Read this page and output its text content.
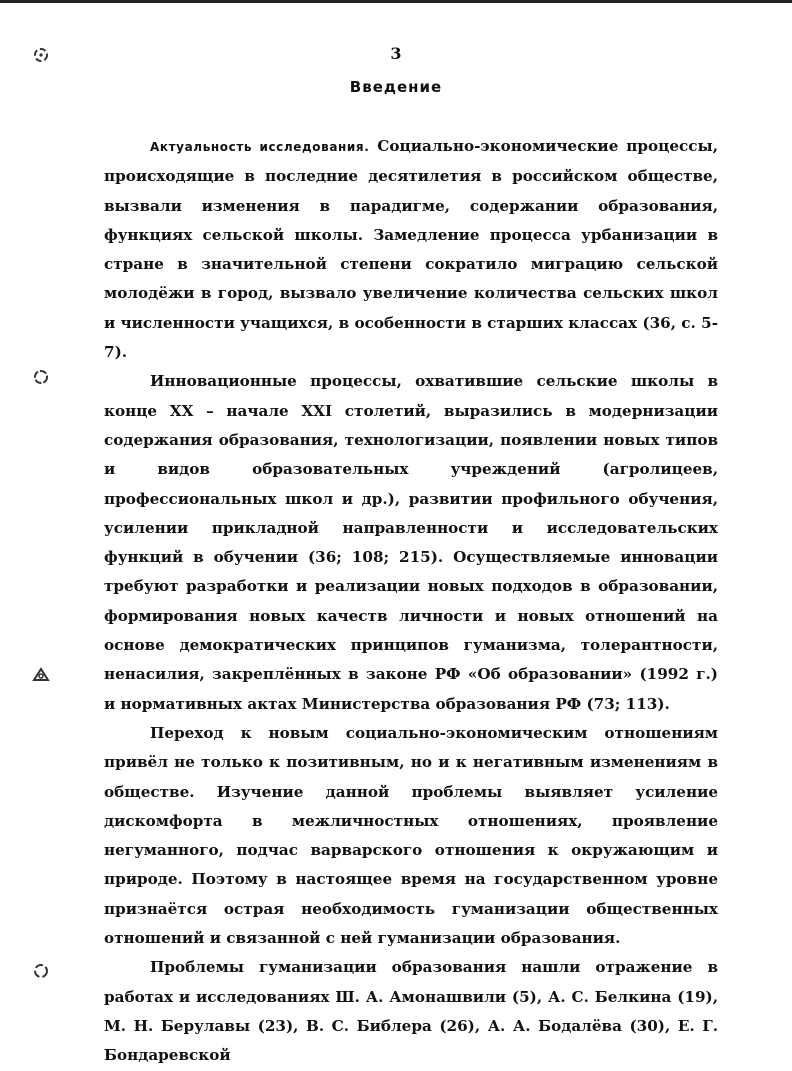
3
Введение

Актуальность исследования. Социально-экономические процессы, происходящие в последние десятилетия в российском обществе, вызвали изменения в парадигме, содержании образования, функциях сельской школы. Замедление процесса урбанизации в стране в значительной степени сократило миграцию сельской молодёжи в город, вызвало увеличение количества сельских школ и численности учащихся, в особенности в старших классах (36, с. 5-7).

Инновационные процессы, охватившие сельские школы в конце XX – начале XXI столетий, выразились в модернизации содержания образования, технологизации, появлении новых типов и видов образовательных учреждений (агролицеев, профессиональных школ и др.), развитии профильного обучения, усилении прикладной направленности и исследовательских функций в обучении (36; 108; 215). Осуществляемые инновации требуют разработки и реализации новых подходов в образовании, формирования новых качеств личности и новых отношений на основе демократических принципов гуманизма, толерантности, ненасилия, закреплённых в законе РФ «Об образовании» (1992 г.) и нормативных актах Министерства образования РФ (73; 113).

Переход к новым социально-экономическим отношениям привёл не только к позитивным, но и к негативным изменениям в обществе. Изучение данной проблемы выявляет усиление дискомфорта в межличностных отношениях, проявление негуманного, подчас варварского отношения к окружающим и природе. Поэтому в настоящее время на государственном уровне признаётся острая необходимость гуманизации общественных отношений и связанной с ней гуманизации образования.

Проблемы гуманизации образования нашли отражение в работах и исследованиях Ш. А. Амонашвили (5), А. С. Белкина (19), М. Н. Берулавы (23), В. С. Библера (26), А. А. Бодалёва (30), Е. Г. Бондаревской
